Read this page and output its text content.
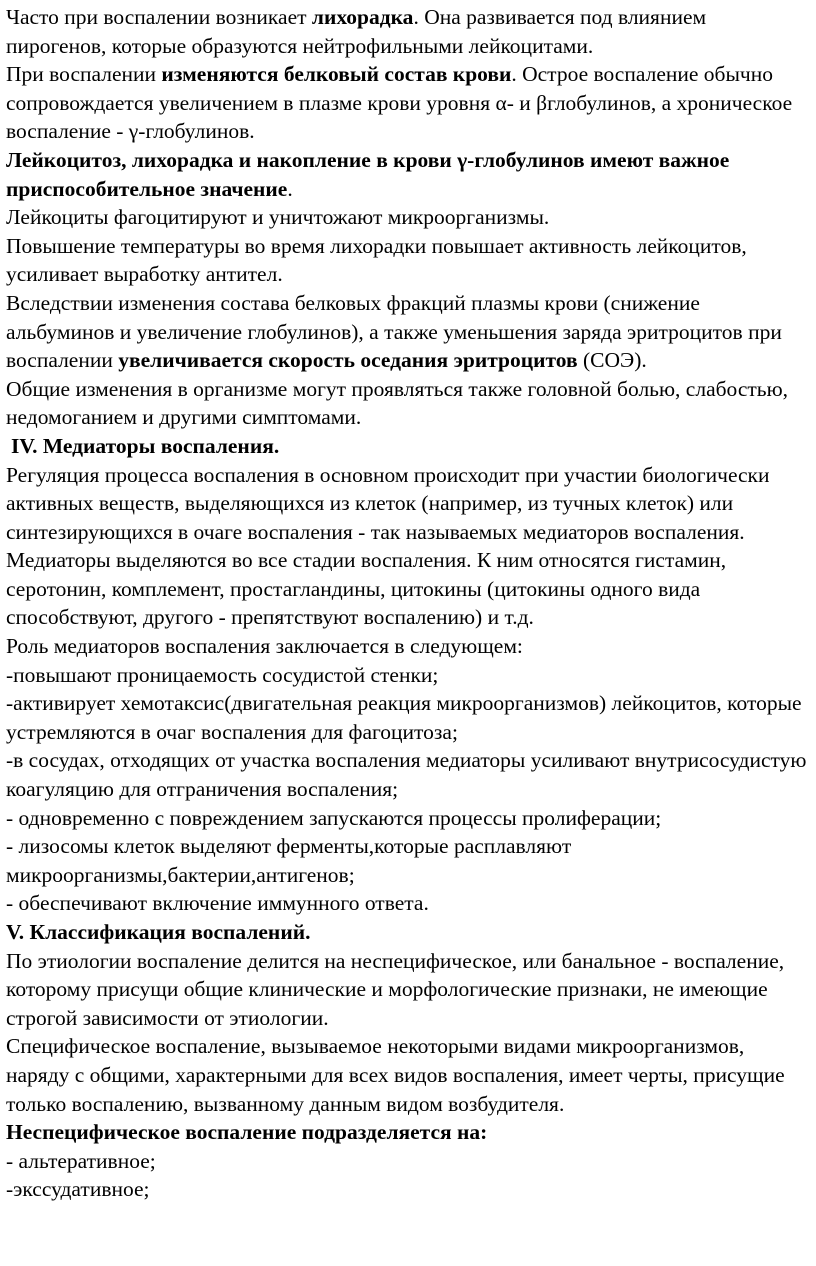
Часто при воспалении возникает лихорадка. Она развивается под влиянием пирогенов, которые образуются нейтрофильными лейкоцитами.

При воспалении изменяются белковый состав крови. Острое воспаление обычно сопровождается увеличением в плазме крови уровня α- и βглобулинов, а хроническое воспаление - γ-глобулинов.

Лейкоцитоз, лихорадка и накопление в крови γ-глобулинов имеют важное приспособительное значение.

Лейкоциты фагоцитируют и уничтожают микроорганизмы.

Повышение температуры во время лихорадки повышает активность лейкоцитов, усиливает выработку антител.

Вследствии изменения состава белковых фракций плазмы крови (снижение альбуминов и увеличение глобулинов), а также уменьшения заряда эритроцитов при воспалении увеличивается скорость оседания эритроцитов (СОЭ).

Общие изменения в организме могут проявляться также головной болью, слабостью, недомоганием и другими симптомами.

IV. Медиаторы воспаления.

Регуляция процесса воспаления в основном происходит при участии биологически активных веществ, выделяющихся из клеток (например, из тучных клеток) или синтезирующихся в очаге воспаления - так называемых медиаторов воспаления. Медиаторы выделяются во все стадии воспаления. К ним относятся гистамин, серотонин, комплемент, простагландины, цитокины (цитокины одного вида способствуют, другого - препятствуют воспалению) и т.д.

Роль медиаторов воспаления заключается в следующем:

-повышают проницаемость сосудистой стенки;

-активирует хемотаксис(двигательная реакция микроорганизмов) лейкоцитов, которые устремляются в очаг воспаления для фагоцитоза;

-в сосудах, отходящих от участка воспаления медиаторы усиливают внутрисосудистую коагуляцию для отграничения воспаления;

- одновременно с повреждением запускаются процессы пролиферации;

- лизосомы клеток выделяют ферменты,которые расплавляют микроорганизмы,бактерии,антигенов;

- обеспечивают включение иммунного ответа.

V. Классификация воспалений.

По этиологии воспаление делится на неспецифическое, или банальное - воспаление, которому присущи общие клинические и морфологические признаки, не имеющие строгой зависимости от этиологии.

Специфическое воспаление, вызываемое некоторыми видами микроорганизмов, наряду с общими, характерными для всех видов воспаления, имеет черты, присущие только воспалению, вызванному данным видом возбудителя.

Неспецифическое воспаление подразделяется на:

- альтеративное;

-экссудативное;
